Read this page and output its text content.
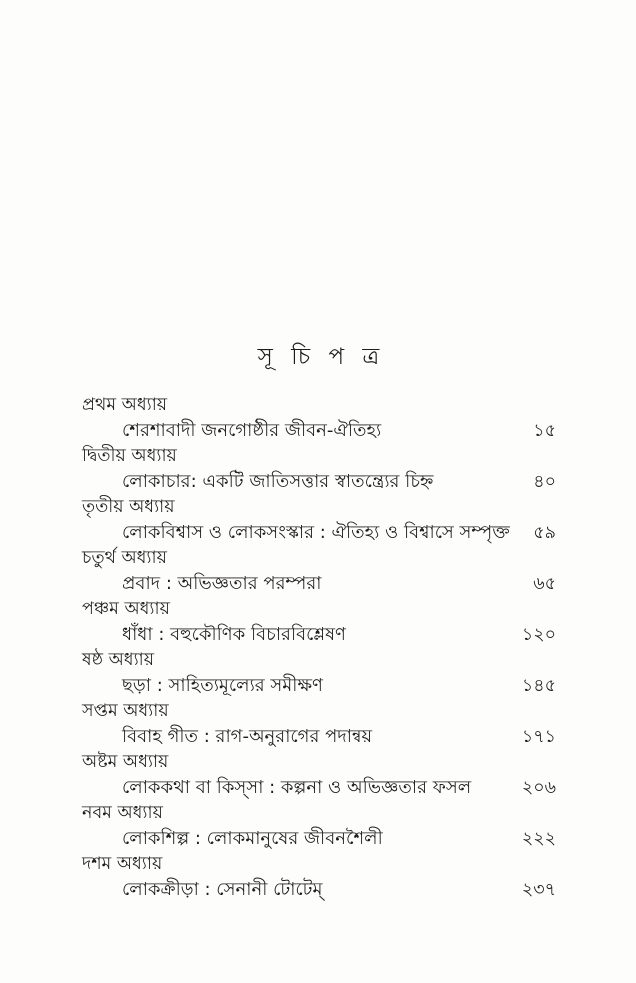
সূ চি প ত্র
প্রথম অধ্যায়
শেরশাবাদী জনগোষ্ঠীর জীবন-ঐতিহ্য	১৫
দ্বিতীয় অধ্যায়
লোকাচার: একটি জাতিসত্তার স্বাতন্ত্র্যের চিহ্ন	৪০
তৃতীয় অধ্যায়
লোকবিশ্বাস ও লোকসংস্কার : ঐতিহ্য ও বিশ্বাসে সম্পৃক্ত ৫৯
চতুর্থ অধ্যায়
প্রবাদ : অভিজ্ঞতার পরম্পরা	৬৫
পঞ্চম অধ্যায়
ধাঁধা : বহুকৌণিক বিচারবিশ্লেষণ	১২০
ষষ্ঠ অধ্যায়
ছড়া : সাহিত্যমূল্যের সমীক্ষণ	১৪৫
সপ্তম অধ্যায়
বিবাহ গীত : রাগ-অনুরাগের পদান্বয়	১৭১
অষ্টম অধ্যায়
লোককথা বা কিস্‌সা : কল্পনা ও অভিজ্ঞতার ফসল	২০৬
নবম অধ্যায়
লোকশিল্প : লোকমানুষের জীবনশৈলী	২২২
দশম অধ্যায়
লোকক্রীড়া : সেনানী টোটেম্	২৩৭
